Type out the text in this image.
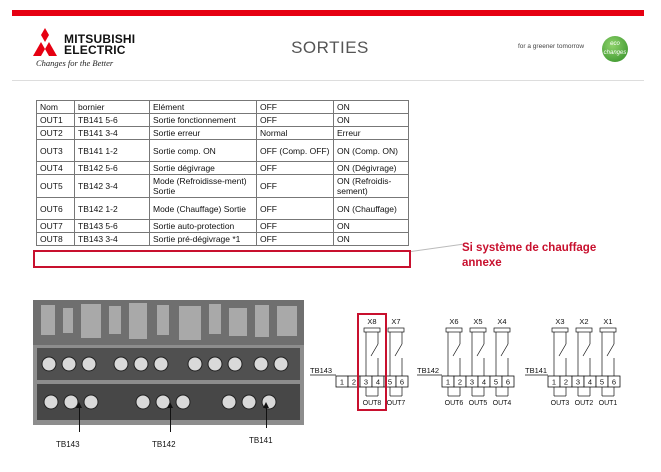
MITSUBISHI
ELECTRIC
Changes for the Better
SORTIES	for a greener tomorrow	eco changes
Nom	bornier	Elément	OFF	ON
OUT1	TB141 5-6	Sortie fonctionnement	OFF	ON
OUT2	TB141 3-4	Sortie erreur	Normal	Erreur
OUT3	TB141 1-2	Sortie comp. ON	OFF (Comp. OFF)	ON (Comp. ON)
OUT4	TB142 5-6	Sortie dégivrage	OFF	ON (Dégivrage)
OUT5	TB142 3-4	Mode (Refroidisse-ment) Sortie	OFF	ON (Refroidis-sement)
OUT6	TB142 1-2	Mode (Chauffage) Sortie	OFF	ON (Chauffage)
OUT7	TB143 5-6	Sortie auto-protection	OFF	ON
OUT8	TB143 3-4	Sortie pré-dégivrage *1	OFF	ON
Si système de chauffage
annexe
TB143	TB142	TB141
TB143
1 2 3 4 5 6
X8
OUT8
X7
OUT7
TB142
1 2 3 4 5 6
X6
OUT6
X5
OUT5
X4
OUT4
TB141
1 2 3 4 5 6
X3
OUT3
X2
OUT2
X1
OUT1
